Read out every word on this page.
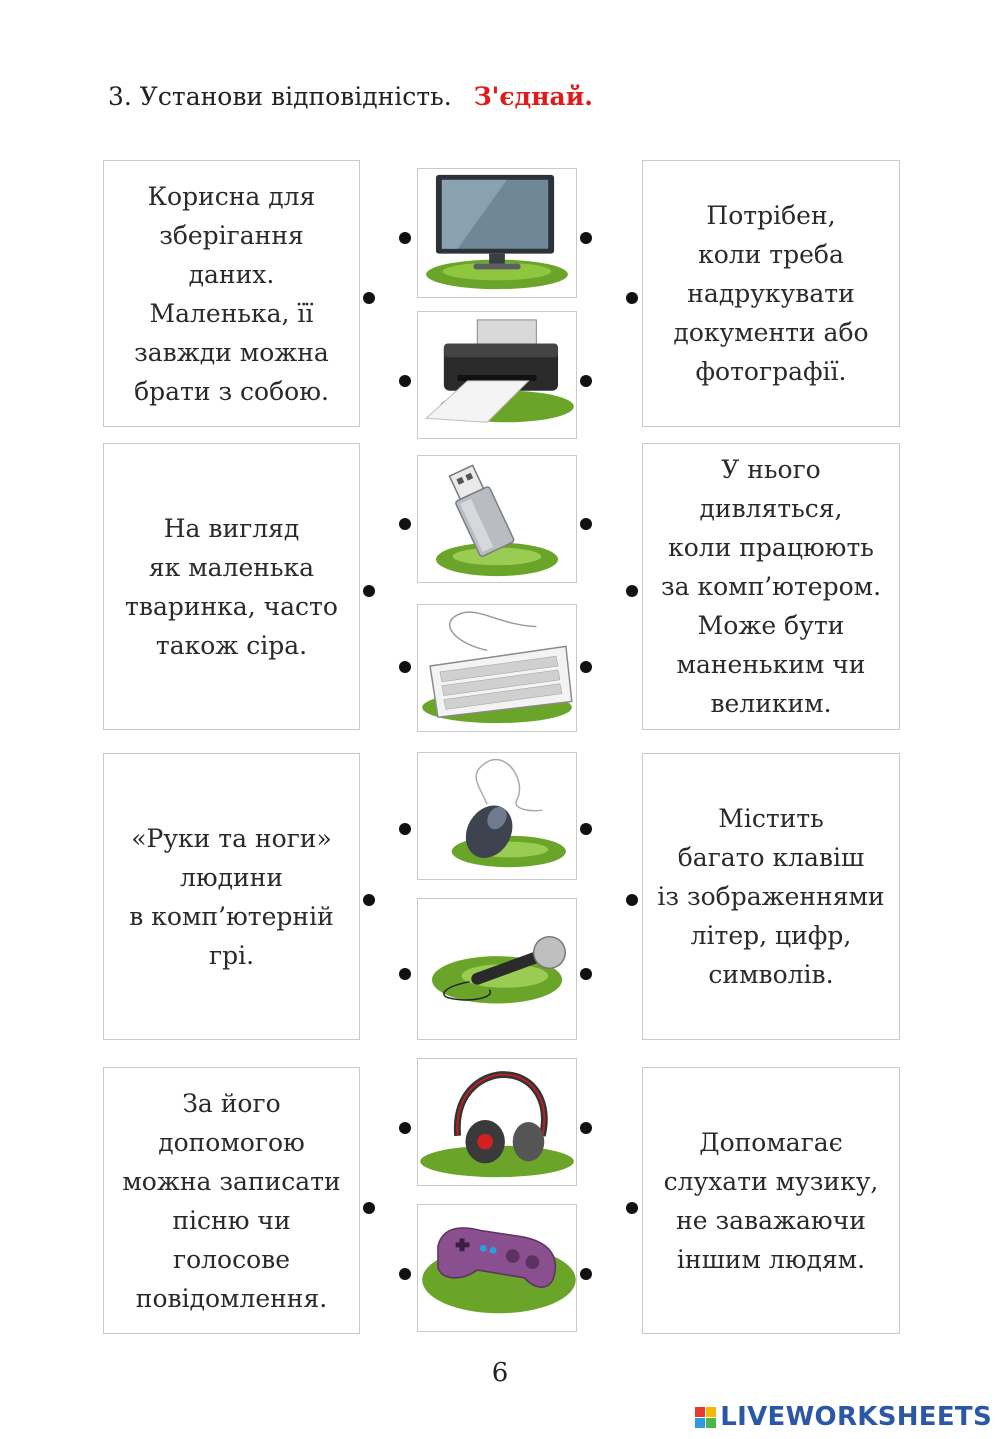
3. Установи відповідність. З'єднай.
Корисна для
зберігання
даних.
Маленька, її
завжди можна
брати з собою.
На вигляд
як маленька
тваринка, часто
також сіра.
«Руки та ноги»
людини
в комп’ютерній
грі.
За його
допомогою
можна записати
пісню чи
голосове
повідомлення.
Потрібен,
коли треба
надрукувати
документи або
фотографії.
У нього
дивляться,
коли працюють
за комп’ютером.
Може бути
маненьким чи
великим.
Містить
багато клавіш
із зображеннями
літер, цифр,
символів.
Допомагає
слухати музику,
не заважаючи
іншим людям.
6
LIVEWORKSHEETS
